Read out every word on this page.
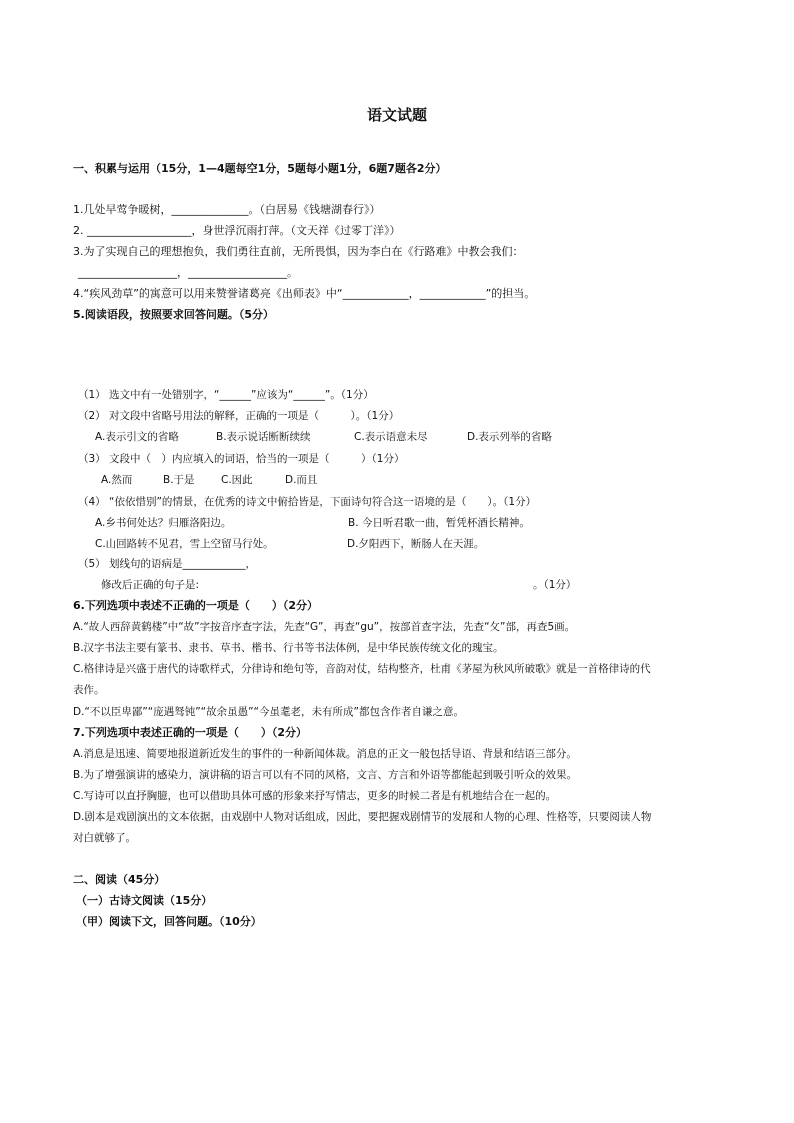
语文试题
一、积累与运用（15分，1—4题每空1分，5题每小题1分，6题7题各2分）
1.几处早莺争暖树，______________。（白居易《钱塘湖春行》）
2. ___________________，身世浮沉雨打萍。（文天祥《过零丁洋》）
3.为了实现自己的理想抱负，我们勇往直前，无所畏惧，因为李白在《行路难》中教会我们：
__________________，__________________。
4.“疾风劲草”的寓意可以用来赞誉诸葛亮《出师表》中“____________，____________”的担当。
5.阅读语段，按照要求回答问题。（5分）
（1） 选文中有一处错别字，“______”应该为“______”。（1分）
（2） 对文段中省略号用法的解释，正确的一项是（　　　）。（1分）
A.表示引文的省略	B.表示说话断断续续	C.表示语意未尽	D.表示列举的省略
（3） 文段中（　）内应填入的词语，恰当的一项是（　　　）（1分）
A.然而	B.于是	C.因此	D.而且
（4） “依依惜别”的情景，在优秀的诗文中俯拾皆是，下面诗句符合这一语境的是（　　）。（1分）
A.乡书何处达？归雁洛阳边。	B. 今日听君歌一曲，暂凭杯酒长精神。
C.山回路转不见君，雪上空留马行处。	D.夕阳西下，断肠人在天涯。
（5） 划线句的语病是____________，
修改后正确的句子是:	。（1分）
6.下列选项中表述不正确的一项是（　　）（2分）
A.“故人西辞黄鹤楼”中“故”字按音序查字法，先查“G”，再查“gu”，按部首查字法，先查“攵”部，再查5画。
B.汉字书法主要有篆书、隶书、草书、楷书、行书等书法体例，是中华民族传统文化的瑰宝。
C.格律诗是兴盛于唐代的诗歌样式，分律诗和绝句等，音韵对仗，结构整齐，杜甫《茅屋为秋风所破歌》就是一首格律诗的代
表作。
D.“不以臣卑鄙”“庞遇驽钝”“故余虽愚”“今虽耄老，未有所成”都包含作者自谦之意。
7.下列选项中表述正确的一项是（　　）（2分）
A.消息是迅速、简要地报道新近发生的事件的一种新闻体裁。消息的正文一般包括导语、背景和结语三部分。
B.为了增强演讲的感染力，演讲稿的语言可以有不同的风格，文言、方言和外语等都能起到吸引听众的效果。
C.写诗可以直抒胸臆，也可以借助具体可感的形象来抒写情志，更多的时候二者是有机地结合在一起的。
D.剧本是戏剧演出的文本依据，由戏剧中人物对话组成，因此，要把握戏剧情节的发展和人物的心理、性格等，只要阅读人物
对白就够了。
二、阅读（45分）
（一）古诗文阅读（15分）
（甲）阅读下文，回答问题。（10分）
